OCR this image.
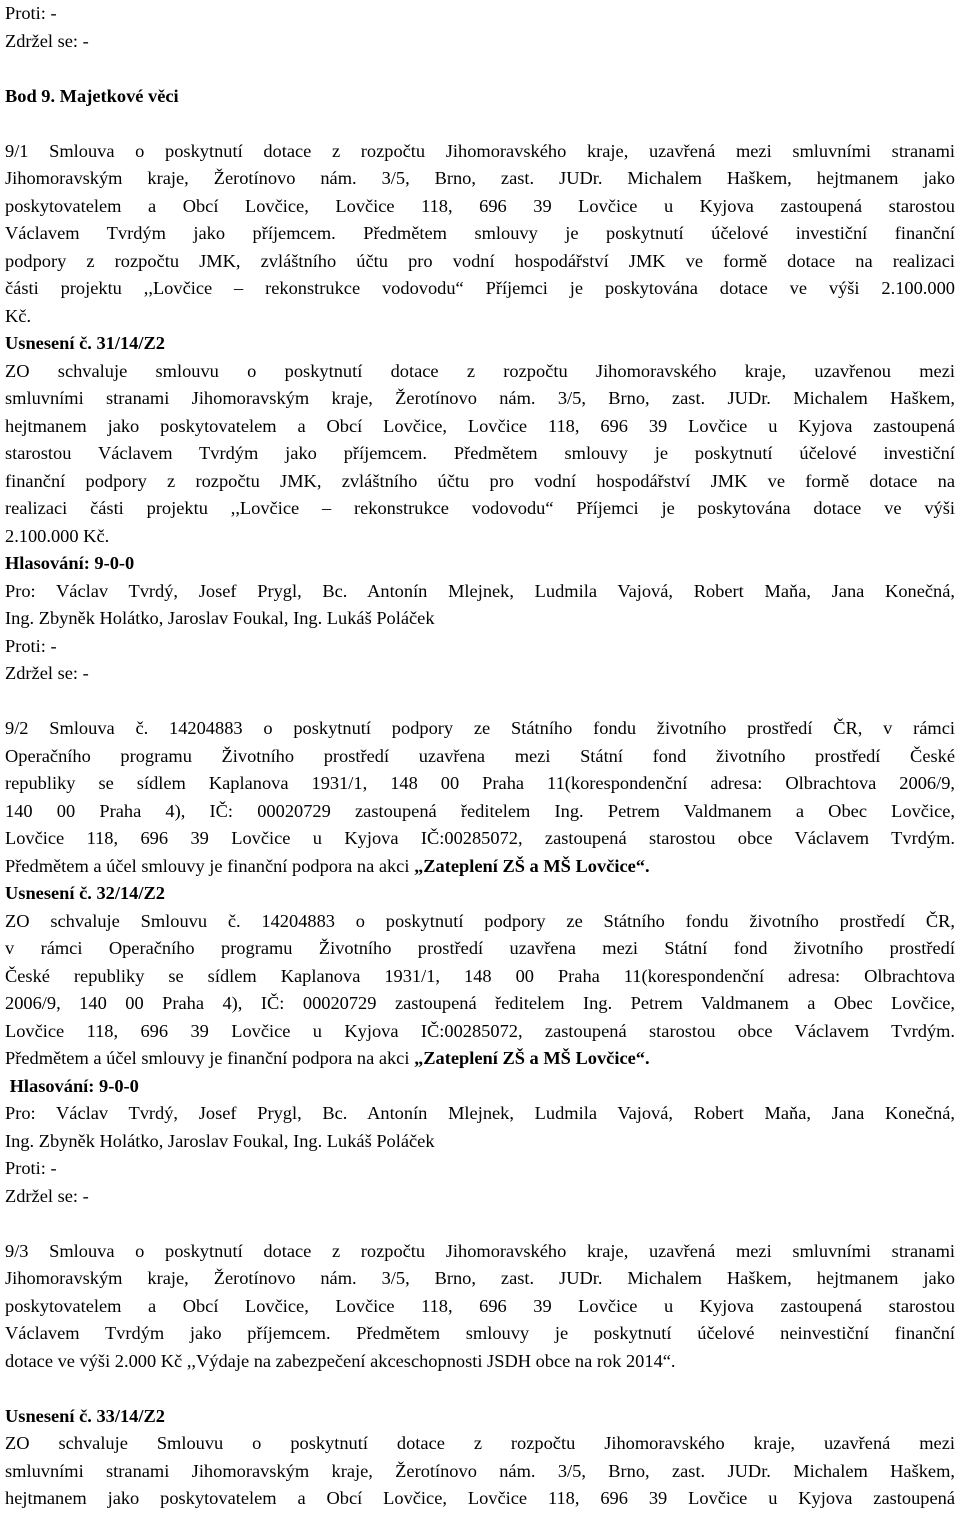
Proti: -
Zdržel se: -
Bod 9. Majetkové věci
9/1 Smlouva o poskytnutí dotace z rozpočtu Jihomoravského kraje, uzavřená mezi smluvními stranami
Jihomoravským kraje, Žerotínovo nám. 3/5, Brno, zast. JUDr. Michalem Haškem, hejtmanem jako
poskytovatelem a Obcí Lovčice, Lovčice 118, 696 39 Lovčice u Kyjova zastoupená starostou
Václavem Tvrdým jako příjemcem. Předmětem smlouvy je poskytnutí účelové investiční finanční
podpory z rozpočtu JMK, zvláštního účtu pro vodní hospodářství JMK ve formě dotace na realizaci
části projektu ,,Lovčice – rekonstrukce vodovodu“ Příjemci je poskytována dotace ve výši 2.100.000
Kč.
Usnesení č. 31/14/Z2
ZO schvaluje smlouvu o poskytnutí dotace z rozpočtu Jihomoravského kraje, uzavřenou mezi
smluvními stranami Jihomoravským kraje, Žerotínovo nám. 3/5, Brno, zast. JUDr. Michalem Haškem,
hejtmanem jako poskytovatelem a Obcí Lovčice, Lovčice 118, 696 39 Lovčice u Kyjova zastoupená
starostou Václavem Tvrdým jako příjemcem. Předmětem smlouvy je poskytnutí účelové investiční
finanční podpory z rozpočtu JMK, zvláštního účtu pro vodní hospodářství JMK ve formě dotace na
realizaci části projektu ,,Lovčice – rekonstrukce vodovodu“ Příjemci je poskytována dotace ve výši
2.100.000 Kč.
Hlasování: 9-0-0
Pro: Václav Tvrdý, Josef Prygl, Bc. Antonín Mlejnek, Ludmila Vajová, Robert Maňa, Jana Konečná,
Ing. Zbyněk Holátko, Jaroslav Foukal, Ing. Lukáš Poláček
Proti: -
Zdržel se: -
9/2 Smlouva č. 14204883 o poskytnutí podpory ze Státního fondu životního prostředí ČR, v rámci
Operačního programu Životního prostředí uzavřena mezi Státní fond životního prostředí České
republiky se sídlem Kaplanova 1931/1, 148 00 Praha 11(korespondenční adresa: Olbrachtova 2006/9,
140 00 Praha 4), IČ: 00020729 zastoupená ředitelem Ing. Petrem Valdmanem a Obec Lovčice,
Lovčice 118, 696 39 Lovčice u Kyjova IČ:00285072, zastoupená starostou obce Václavem Tvrdým.
Předmětem a účel smlouvy je finanční podpora na akci „Zateplení ZŠ a MŠ Lovčice“.
Usnesení č. 32/14/Z2
ZO schvaluje Smlouvu č. 14204883 o poskytnutí podpory ze Státního fondu životního prostředí ČR,
v rámci Operačního programu Životního prostředí uzavřena mezi Státní fond životního prostředí
České republiky se sídlem Kaplanova 1931/1, 148 00 Praha 11(korespondenční adresa: Olbrachtova
2006/9, 140 00 Praha 4), IČ: 00020729 zastoupená ředitelem Ing. Petrem Valdmanem a Obec Lovčice,
Lovčice 118, 696 39 Lovčice u Kyjova IČ:00285072, zastoupená starostou obce Václavem Tvrdým.
Předmětem a účel smlouvy je finanční podpora na akci „Zateplení ZŠ a MŠ Lovčice“.
Hlasování: 9-0-0
Pro: Václav Tvrdý, Josef Prygl, Bc. Antonín Mlejnek, Ludmila Vajová, Robert Maňa, Jana Konečná,
Ing. Zbyněk Holátko, Jaroslav Foukal, Ing. Lukáš Poláček
Proti: -
Zdržel se: -
9/3 Smlouva o poskytnutí dotace z rozpočtu Jihomoravského kraje, uzavřená mezi smluvními stranami
Jihomoravským kraje, Žerotínovo nám. 3/5, Brno, zast. JUDr. Michalem Haškem, hejtmanem jako
poskytovatelem a Obcí Lovčice, Lovčice 118, 696 39 Lovčice u Kyjova zastoupená starostou
Václavem Tvrdým jako příjemcem. Předmětem smlouvy je poskytnutí účelové neinvestiční finanční
dotace ve výši 2.000 Kč ,,Výdaje na zabezpečení akceschopnosti JSDH obce na rok 2014“.
Usnesení č. 33/14/Z2
ZO schvaluje Smlouvu o poskytnutí dotace z rozpočtu Jihomoravského kraje, uzavřená mezi
smluvními stranami Jihomoravským kraje, Žerotínovo nám. 3/5, Brno, zast. JUDr. Michalem Haškem,
hejtmanem jako poskytovatelem a Obcí Lovčice, Lovčice 118, 696 39 Lovčice u Kyjova zastoupená
